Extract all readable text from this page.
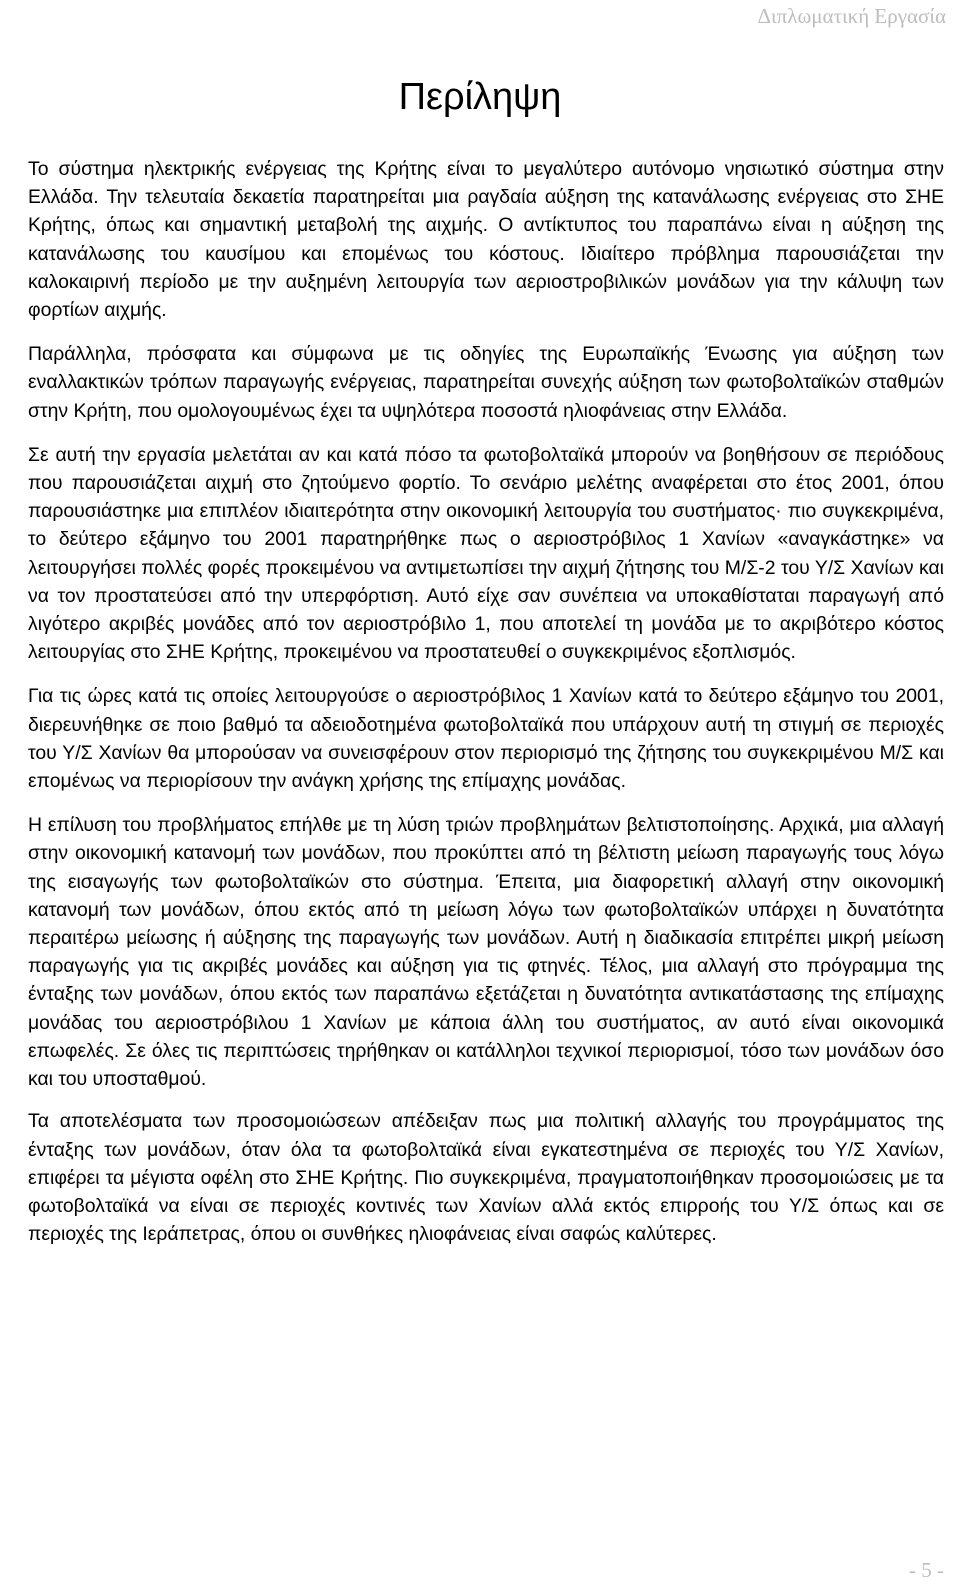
Διπλωματική Εργασία
Περίληψη

Το σύστημα ηλεκτρικής ενέργειας της Κρήτης είναι το μεγαλύτερο αυτόνομο νησιωτικό σύστημα στην Ελλάδα. Την τελευταία δεκαετία παρατηρείται μια ραγδαία αύξηση της κατανάλωσης ενέργειας στο ΣΗΕ Κρήτης, όπως και σημαντική μεταβολή της αιχμής. Ο αντίκτυπος του παραπάνω είναι η αύξηση της κατανάλωσης του καυσίμου και επομένως του κόστους. Ιδιαίτερο πρόβλημα παρουσιάζεται την καλοκαιρινή περίοδο με την αυξημένη λειτουργία των αεριοστροβιλικών μονάδων για την κάλυψη των φορτίων αιχμής.

Παράλληλα, πρόσφατα και σύμφωνα με τις οδηγίες της Ευρωπαϊκής Ένωσης για αύξηση των εναλλακτικών τρόπων παραγωγής ενέργειας, παρατηρείται συνεχής αύξηση των φωτοβολταϊκών σταθμών στην Κρήτη, που ομολογουμένως έχει τα υψηλότερα ποσοστά ηλιοφάνειας στην Ελλάδα.

Σε αυτή την εργασία μελετάται αν και κατά πόσο τα φωτοβολταϊκά μπορούν να βοηθήσουν σε περιόδους που παρουσιάζεται αιχμή στο ζητούμενο φορτίο. Το σενάριο μελέτης αναφέρεται στο έτος 2001, όπου παρουσιάστηκε μια επιπλέον ιδιαιτερότητα στην οικονομική λειτουργία του συστήματος· πιο συγκεκριμένα, το δεύτερο εξάμηνο του 2001 παρατηρήθηκε πως ο αεριοστρόβιλος 1 Χανίων «αναγκάστηκε» να λειτουργήσει πολλές φορές προκειμένου να αντιμετωπίσει την αιχμή ζήτησης του Μ/Σ-2 του Υ/Σ Χανίων και να τον προστατεύσει από την υπερφόρτιση. Αυτό είχε σαν συνέπεια να υποκαθίσταται παραγωγή από λιγότερο ακριβές μονάδες από τον αεριοστρόβιλο 1, που αποτελεί τη μονάδα με το ακριβότερο κόστος λειτουργίας στο ΣΗΕ Κρήτης, προκειμένου να προστατευθεί ο συγκεκριμένος εξοπλισμός.

Για τις ώρες κατά τις οποίες λειτουργούσε ο αεριοστρόβιλος 1 Χανίων κατά το δεύτερο εξάμηνο του 2001, διερευνήθηκε σε ποιο βαθμό τα αδειοδοτημένα φωτοβολταϊκά που υπάρχουν αυτή τη στιγμή σε περιοχές του Υ/Σ Χανίων θα μπορούσαν να συνεισφέρουν στον περιορισμό της ζήτησης του συγκεκριμένου Μ/Σ και επομένως να περιορίσουν την ανάγκη χρήσης της επίμαχης μονάδας.

Η επίλυση του προβλήματος επήλθε με τη λύση τριών προβλημάτων βελτιστοποίησης. Αρχικά, μια αλλαγή στην οικονομική κατανομή των μονάδων, που προκύπτει από τη βέλτιστη μείωση παραγωγής τους λόγω της εισαγωγής των φωτοβολταϊκών στο σύστημα. Έπειτα, μια διαφορετική αλλαγή στην οικονομική κατανομή των μονάδων, όπου εκτός από τη μείωση λόγω των φωτοβολταϊκών υπάρχει η δυνατότητα περαιτέρω μείωσης ή αύξησης της παραγωγής των μονάδων. Αυτή η διαδικασία επιτρέπει μικρή μείωση παραγωγής για τις ακριβές μονάδες και αύξηση για τις φτηνές. Τέλος, μια αλλαγή στο πρόγραμμα της ένταξης των μονάδων, όπου εκτός των παραπάνω εξετάζεται η δυνατότητα αντικατάστασης της επίμαχης μονάδας του αεριοστρόβιλου 1 Χανίων με κάποια άλλη του συστήματος, αν αυτό είναι οικονομικά επωφελές. Σε όλες τις περιπτώσεις τηρήθηκαν οι κατάλληλοι τεχνικοί περιορισμοί, τόσο των μονάδων όσο και του υποσταθμού.

Τα αποτελέσματα των προσομοιώσεων απέδειξαν πως μια πολιτική αλλαγής του προγράμματος της ένταξης των μονάδων, όταν όλα τα φωτοβολταϊκά είναι εγκατεστημένα σε περιοχές του Υ/Σ Χανίων, επιφέρει τα μέγιστα οφέλη στο ΣΗΕ Κρήτης. Πιο συγκεκριμένα, πραγματοποιήθηκαν προσομοιώσεις με τα φωτοβολταϊκά να είναι σε περιοχές κοντινές των Χανίων αλλά εκτός επιρροής του Υ/Σ όπως και σε περιοχές της Ιεράπετρας, όπου οι συνθήκες ηλιοφάνειας είναι σαφώς καλύτερες.

- 5 -
